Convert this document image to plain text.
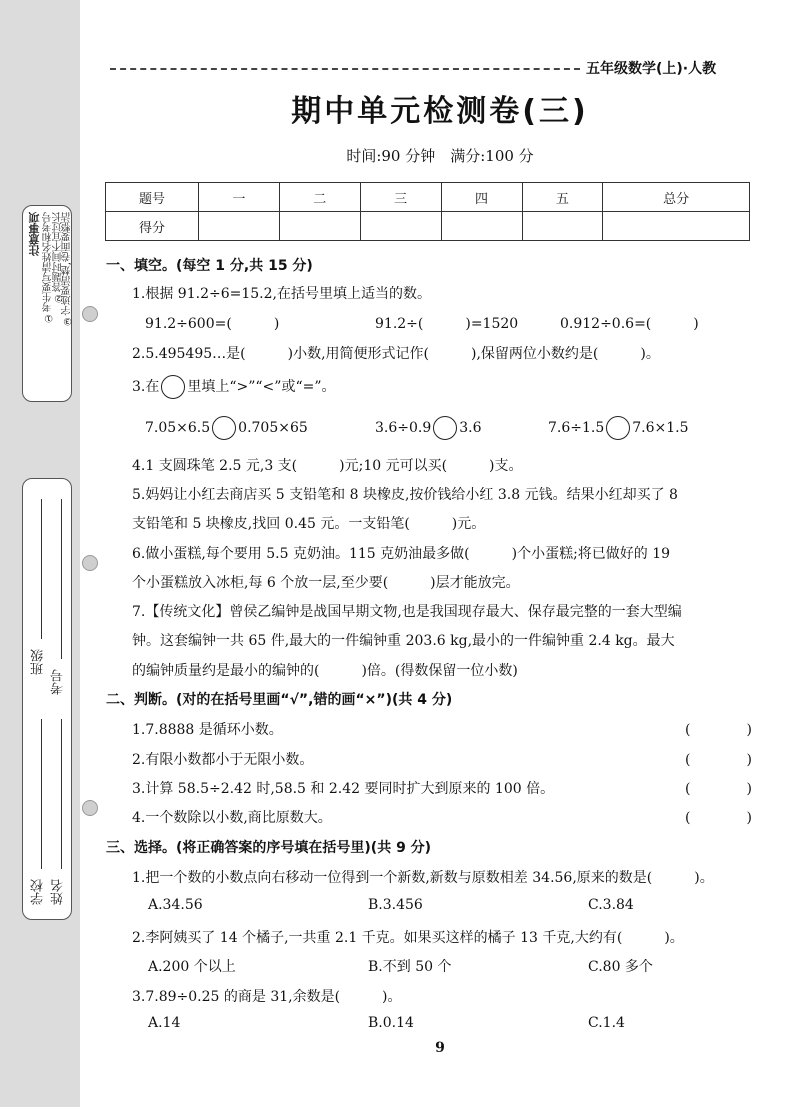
注意事项 ①考生要写清姓名和考号 ②答题时间不宜过长
③字迹要清楚,卷面要整洁
班级
考号
学校 姓名
五年级数学(上)·人教
期中单元检测卷(三)
时间:90 分钟　满分:100 分
题号	一	二	三	四	五	总分
得分						
一、填空。(每空 1 分,共 15 分)
1.根据 91.2÷6=15.2,在括号里填上适当的数。
91.2÷600=(　　　)	91.2÷(　　　)=1520	0.912÷0.6=(　　　)
2.5.495495…是(　　　)小数,用简便形式记作(　　　),保留两位小数约是(　　　)。
3.在 里填上“>”“<”或“=”。
7.05×6.5 0.705×65	3.6÷0.9 3.6	7.6÷1.5 7.6×1.5
4.1 支圆珠笔 2.5 元,3 支(　　　)元;10 元可以买(　　　)支。
5.妈妈让小红去商店买 5 支铅笔和 8 块橡皮,按价钱给小红 3.8 元钱。结果小红却买了 8
支铅笔和 5 块橡皮,找回 0.45 元。一支铅笔(　　　)元。
6.做小蛋糕,每个要用 5.5 克奶油。115 克奶油最多做(　　　)个小蛋糕;将已做好的 19
个小蛋糕放入冰柜,每 6 个放一层,至少要(　　　)层才能放完。
7.【传统文化】曾侯乙编钟是战国早期文物,也是我国现存最大、保存最完整的一套大型编
钟。这套编钟一共 65 件,最大的一件编钟重 203.6 kg,最小的一件编钟重 2.4 kg。最大
的编钟质量约是最小的编钟的(　　　)倍。(得数保留一位小数)
二、判断。(对的在括号里画“√”,错的画“×”)(共 4 分)
1.7.8888 是循环小数。	(　　　　)
2.有限小数都小于无限小数。	(　　　　)
3.计算 58.5÷2.42 时,58.5 和 2.42 要同时扩大到原来的 100 倍。	(　　　　)
4.一个数除以小数,商比原数大。	(　　　　)
三、选择。(将正确答案的序号填在括号里)(共 9 分)
1.把一个数的小数点向右移动一位得到一个新数,新数与原数相差 34.56,原来的数是(　　　)。
A.34.56	B.3.456	C.3.84
2.李阿姨买了 14 个橘子,一共重 2.1 千克。如果买这样的橘子 13 千克,大约有(　　　)。
A.200 个以上	B.不到 50 个	C.80 多个
3.7.89÷0.25 的商是 31,余数是(　　　)。
A.14	B.0.14	C.1.4
9
